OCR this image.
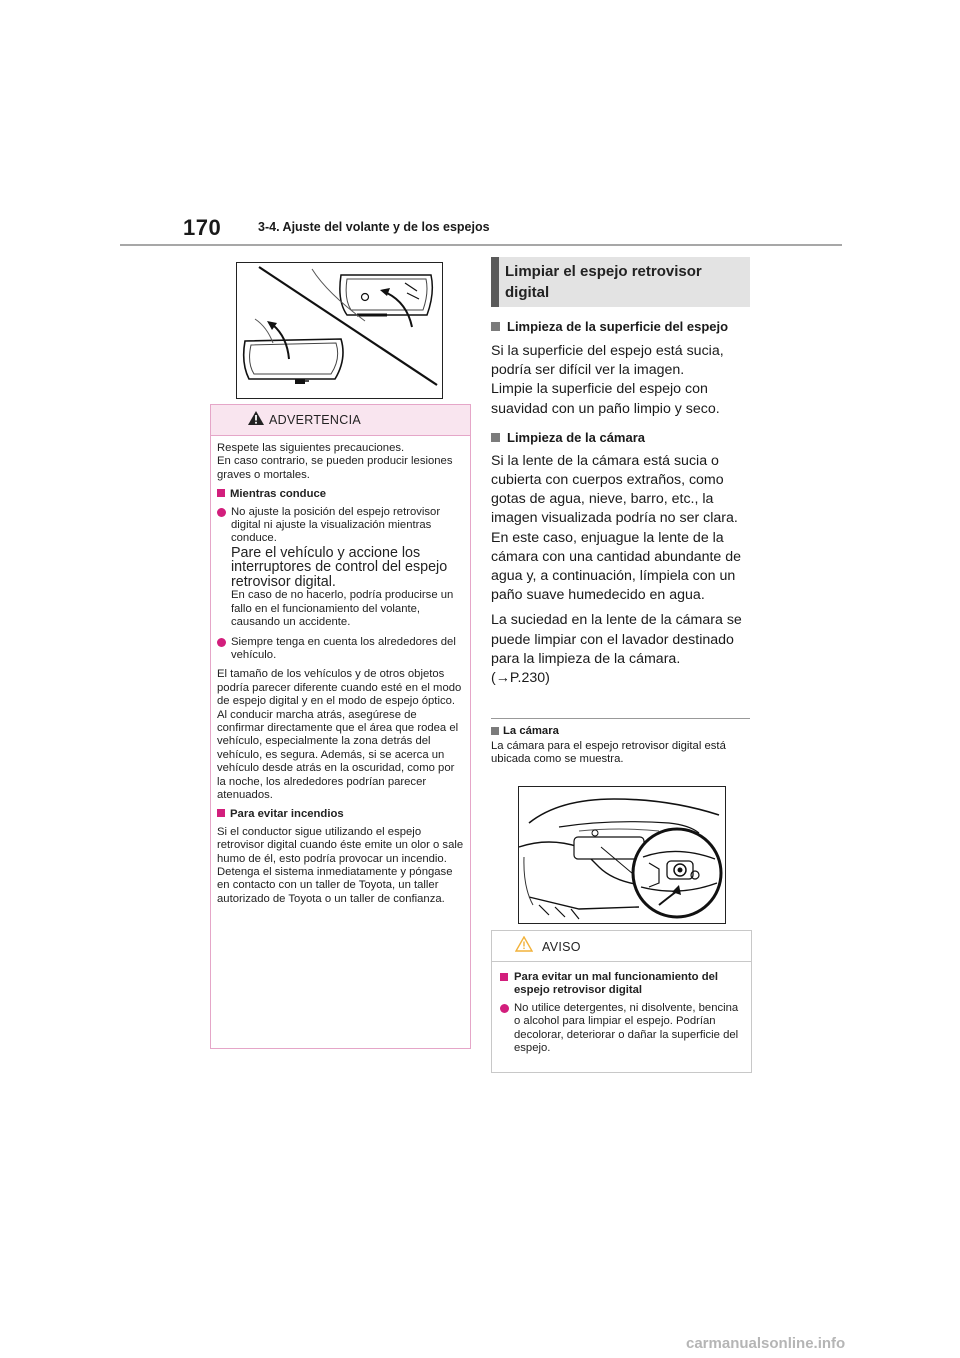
170	3-4. Ajuste del volante y de los espejos
ADVERTENCIA

Respete las siguientes precauciones.
En caso contrario, se pueden producir lesiones graves o mortales.

Mientras conduce
No ajuste la posición del espejo retrovisor digital ni ajuste la visualización mientras conduce.
Pare el vehículo y accione los interruptores de control del espejo retrovisor digital.
En caso de no hacerlo, podría producirse un fallo en el funcionamiento del volante, causando un accidente.
Siempre tenga en cuenta los alrededores del vehículo.

El tamaño de los vehículos y de otros objetos podría parecer diferente cuando esté en el modo de espejo digital y en el modo de espejo óptico. Al conducir marcha atrás, asegúrese de confirmar directamente que el área que rodea el vehículo, especialmente la zona detrás del vehículo, es segura. Además, si se acerca un vehículo desde atrás en la oscuridad, como por la noche, los alrededores podrían parecer atenuados.

Para evitar incendios

Si el conductor sigue utilizando el espejo retrovisor digital cuando éste emite un olor o sale humo de él, esto podría provocar un incendio. Detenga el sistema inmediatamente y póngase en contacto con un taller de Toyota, un taller autorizado de Toyota o un taller de confianza.

Limpiar el espejo retrovisor digital
Limpieza de la superficie del espejo

Si la superficie del espejo está sucia, podría ser difícil ver la imagen.

Limpie la superficie del espejo con suavidad con un paño limpio y seco.

Limpieza de la cámara

Si la lente de la cámara está sucia o cubierta con cuerpos extraños, como gotas de agua, nieve, barro, etc., la imagen visualizada podría no ser clara. En este caso, enjuague la lente de la cámara con una cantidad abundante de agua y, a continuación, límpiela con un paño suave humedecido en agua.

La suciedad en la lente de la cámara se puede limpiar con el lavador destinado para la limpieza de la cámara.

(→P.230)

La cámara

La cámara para el espejo retrovisor digital está ubicada como se muestra.

AVISO
Para evitar un mal funcionamiento del espejo retrovisor digital
No utilice detergentes, ni disolvente, bencina o alcohol para limpiar el espejo. Podrían decolorar, deteriorar o dañar la superficie del espejo.
carmanualsonline.info
